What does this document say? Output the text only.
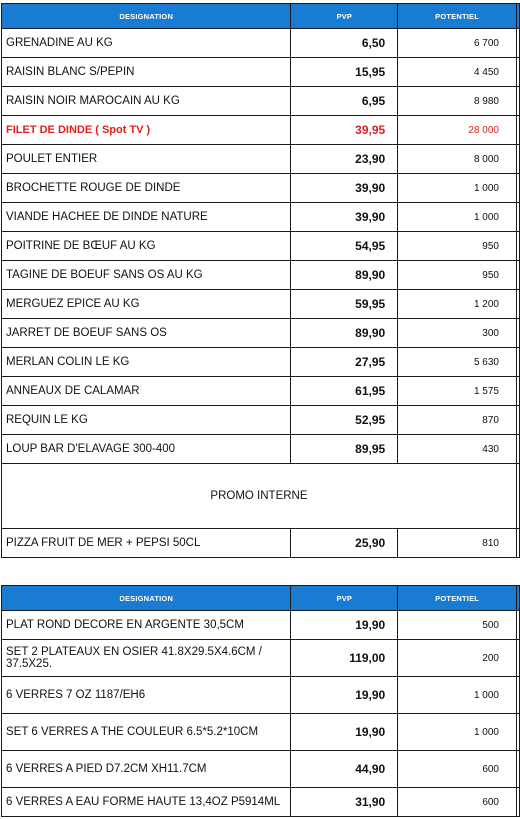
DESIGNATION	PVP	POTENTIEL	
GRENADINE AU KG	6,50	6 700	
RAISIN BLANC S/PEPIN	15,95	4 450	
RAISIN NOIR MAROCAIN AU KG	6,95	8 980	
FILET DE DINDE ( Spot TV )	39,95	28 000	
POULET ENTIER	23,90	8 000	
BROCHETTE ROUGE DE DINDE	39,90	1 000	
VIANDE HACHEE DE DINDE NATURE	39,90	1 000	
POITRINE DE BŒUF AU KG	54,95	950	
TAGINE DE BOEUF SANS OS AU KG	89,90	950	
MERGUEZ EPICE AU KG	59,95	1 200	
JARRET DE BOEUF SANS OS	89,90	300	
MERLAN COLIN LE KG	27,95	5 630	
ANNEAUX DE CALAMAR	61,95	1 575	
REQUIN LE KG	52,95	870	
LOUP BAR D'ELAVAGE 300-400	89,95	430	
PROMO INTERNE			
PIZZA FRUIT DE MER + PEPSI 50CL	25,90	810	
DESIGNATION	PVP	POTENTIEL	
PLAT ROND DECORE EN ARGENTE 30,5CM	19,90	500	
SET 2 PLATEAUX EN OSIER 41.8X29.5X4.6CM / 37.5X25.	119,00	200	
6 VERRES 7 OZ 1187/EH6	19,90	1 000	
SET 6 VERRES A THE COULEUR 6.5*5.2*10CM	19,90	1 000	
6 VERRES A PIED D7.2CM XH11.7CM	44,90	600	
6 VERRES A EAU FORME HAUTE 13,4OZ P5914ML	31,90	600	
